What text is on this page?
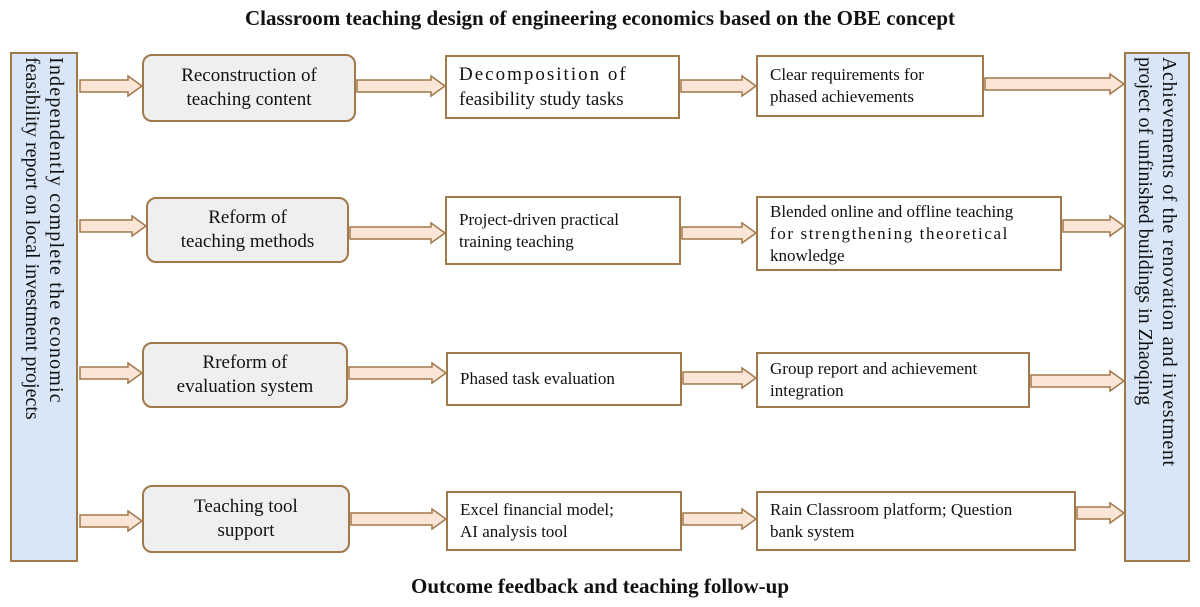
Classroom teaching design of engineering economics based on the OBE concept
Independently complete the economic
feasibility report on local investment projects	Achievements of the renovation and investment
project of unfinished buildings in Zhaoqing
Reconstruction of
teaching content
Decomposition of
feasibility study tasks
Clear requirements for
phased achievements
Reform of
teaching methods
Project-driven practical
training teaching
Blended online and offline teaching
for strengthening theoretical
knowledge
Rreform of
evaluation system	Phased task evaluation
Group report and achievement
integration
Teaching tool
support
Excel financial model;
AI analysis tool
Rain Classroom platform; Question
bank system
Outcome feedback and teaching follow-up
